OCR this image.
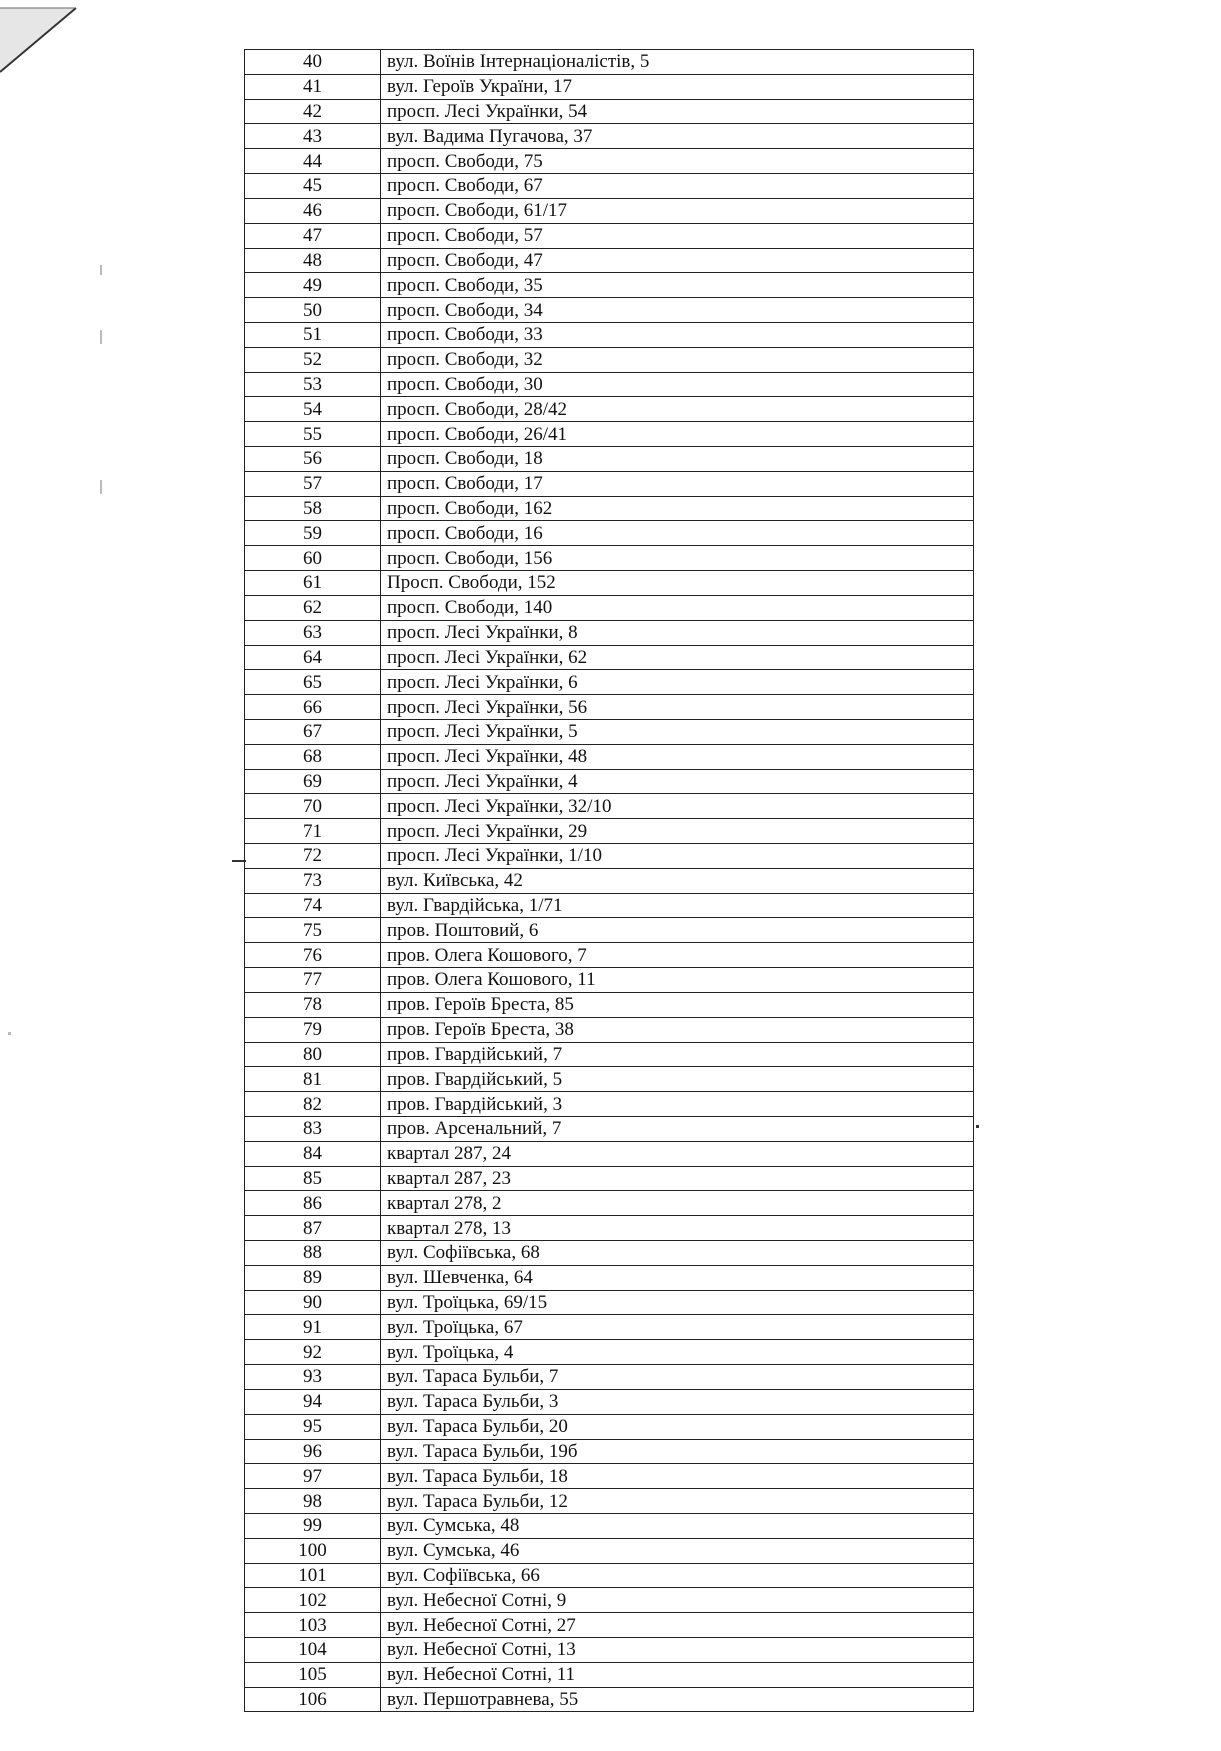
40	вул. Воїнів Інтернаціоналістів, 5
41	вул. Героїв України, 17
42	просп. Лесі Українки, 54
43	вул. Вадима Пугачова, 37
44	просп. Свободи, 75
45	просп. Свободи, 67
46	просп. Свободи, 61/17
47	просп. Свободи, 57
48	просп. Свободи, 47
49	просп. Свободи, 35
50	просп. Свободи, 34
51	просп. Свободи, 33
52	просп. Свободи, 32
53	просп. Свободи, 30
54	просп. Свободи, 28/42
55	просп. Свободи, 26/41
56	просп. Свободи, 18
57	просп. Свободи, 17
58	просп. Свободи, 162
59	просп. Свободи, 16
60	просп. Свободи, 156
61	Просп. Свободи, 152
62	просп. Свободи, 140
63	просп. Лесі Українки, 8
64	просп. Лесі Українки, 62
65	просп. Лесі Українки, 6
66	просп. Лесі Українки, 56
67	просп. Лесі Українки, 5
68	просп. Лесі Українки, 48
69	просп. Лесі Українки, 4
70	просп. Лесі Українки, 32/10
71	просп. Лесі Українки, 29
72	просп. Лесі Українки, 1/10
73	вул. Київська, 42
74	вул. Гвардійська, 1/71
75	пров. Поштовий, 6
76	пров. Олега Кошового, 7
77	пров. Олега Кошового, 11
78	пров. Героїв Бреста, 85
79	пров. Героїв Бреста, 38
80	пров. Гвардійський, 7
81	пров. Гвардійський, 5
82	пров. Гвардійський, 3
83	пров. Арсенальний, 7
84	квартал 287, 24
85	квартал 287, 23
86	квартал 278, 2
87	квартал 278, 13
88	вул. Софіївська, 68
89	вул. Шевченка, 64
90	вул. Троїцька, 69/15
91	вул. Троїцька, 67
92	вул. Троїцька, 4
93	вул. Тараса Бульби, 7
94	вул. Тараса Бульби, 3
95	вул. Тараса Бульби, 20
96	вул. Тараса Бульби, 19б
97	вул. Тараса Бульби, 18
98	вул. Тараса Бульби, 12
99	вул. Сумська, 48
100	вул. Сумська, 46
101	вул. Софіївська, 66
102	вул. Небесної Сотні, 9
103	вул. Небесної Сотні, 27
104	вул. Небесної Сотні, 13
105	вул. Небесної Сотні, 11
106	вул. Першотравнева, 55
